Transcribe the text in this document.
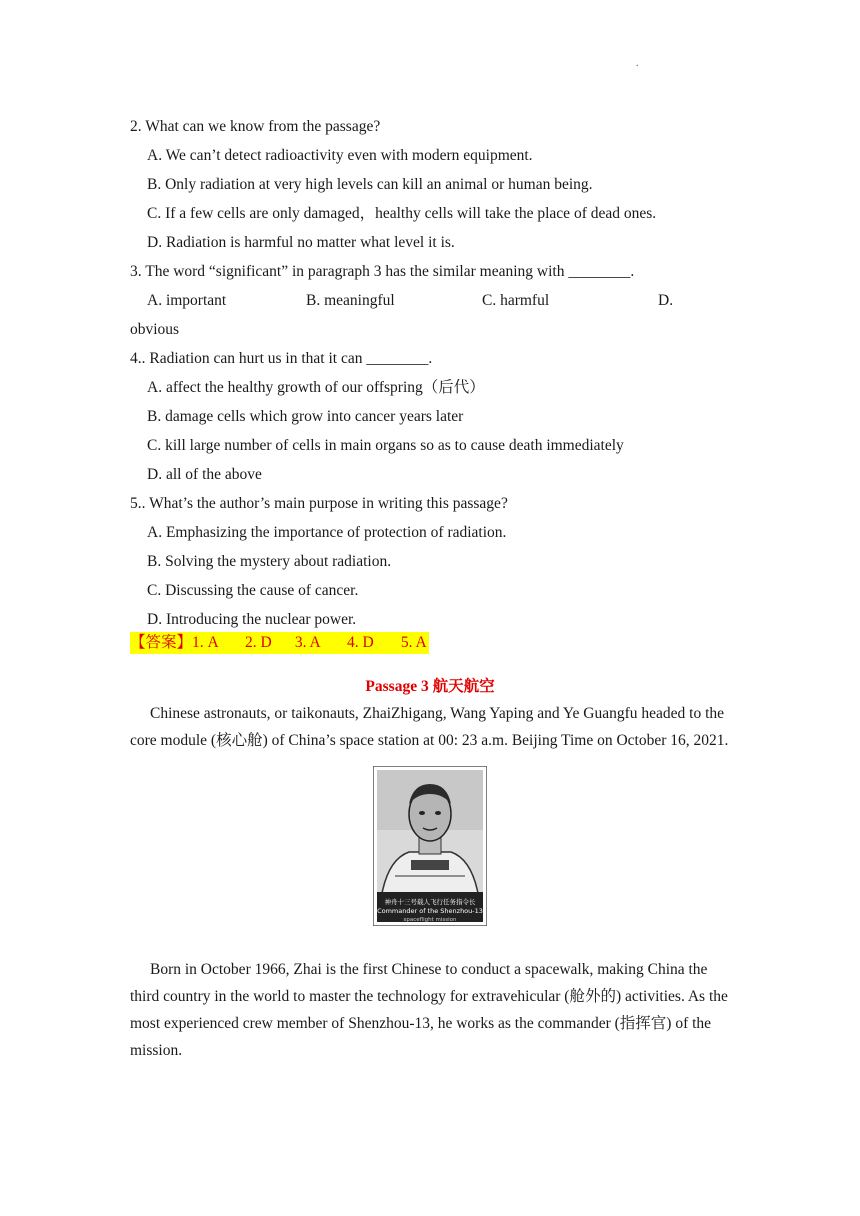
.
2. What can we know from the passage?
A. We can’t detect radioactivity even with modern equipment.
B. Only radiation at very high levels can kill an animal or human being.
C. If a few cells are only damaged，healthy cells will take the place of dead ones.
D. Radiation is harmful no matter what level it is.
3. The word “significant” in paragraph 3 has the similar meaning with ________.
A. important	B. meaningful	C. harmful	D.
obvious
4.. Radiation can hurt us in that it can ________.
A. affect the healthy growth of our offspring（后代）
B. damage cells which grow into cancer years later
C. kill large number of cells in main organs so as to cause death immediately
D. all of the above
5.. What’s the author’s main purpose in writing this passage?
A. Emphasizing the importance of protection of radiation.
B. Solving the mystery about radiation.
C. Discussing the cause of cancer.
D. Introducing the nuclear power.
【答案】1. A       2. D      3. A       4. D       5. A
Passage 3 航天航空

Chinese astronauts, or taikonauts, ZhaiZhigang, Wang Yaping and Ye Guangfu headed to the core module (核心舱) of China’s space station at 00: 23 a.m. Beijing Time on October 16, 2021.

神舟十三号载人飞行任务指令长
Commander of the Shenzhou-13
spaceflight mission

Born in October 1966, Zhai is the first Chinese to conduct a spacewalk, making China the third country in the world to master the technology for extravehicular (舱外的) activities. As the most experienced crew member of Shenzhou-13, he works as the commander (指挥官) of the mission.
